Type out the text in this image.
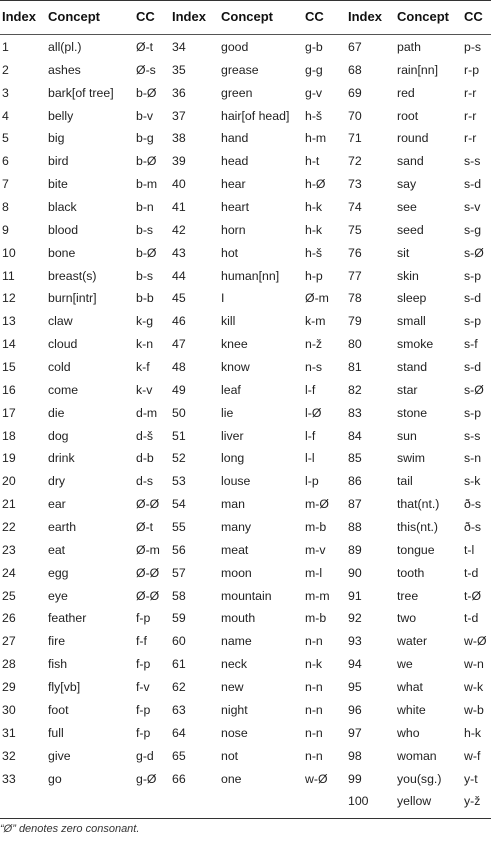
Index Concept	CC
1	all(pl.)	Ø-t
2	ashes	Ø-s
3	bark[of tree] b-Ø
4	belly	b-v
5	big	b-g
6	bird	b-Ø
7	bite	b-m
8	black	b-n
9	blood	b-s
10	bone	b-Ø
11	breast(s)	b-s
12	burn[intr]	b-b
13	claw	k-g
14	cloud	k-n
15	cold	k-f
16	come	k-v
17	die	d-m
18	dog	d-š
19	drink	d-b
20	dry	d-s
21	ear	Ø-Ø
22	earth	Ø-t
23	eat	Ø-m
24	egg	Ø-Ø
25	eye	Ø-Ø
26	feather	f-p
27	fire	f-f
28	fish	f-p
29	fly[vb]	f-v
30	foot	f-p
31	full	f-p
32	give	g-d
33	go	g-Ø
Index Concept CC
34	good	g-b
35	grease	g-g
36	green	g-v
37	hair[of head] h-š
38	hand	h-m
39	head	h-t
40	hear	h-Ø
41	heart	h-k
42	horn	h-k
43	hot	h-š
44	human[nn] h-p
45	I	Ø-m
46	kill	k-m
47	knee	n-ž
48	know	n-s
49	leaf	l-f
50	lie	l-Ø
51	liver	l-f
52	long	l-l
53	louse	l-p
54	man	m-Ø
55	many	m-b
56	meat	m-v
57	moon	m-l
58	mountain	m-m
59	mouth	m-b
60	name	n-n
61	neck	n-k
62	new	n-n
63	night	n-n
64	nose	n-n
65	not	n-n
66	one	w-Ø
Index Concept CC
67	path	p-s
68	rain[nn] r-p
69	red	r-r
70	root	r-r
71	round	r-r
72	sand	s-s
73	say	s-d
74	see	s-v
75	seed	s-g
76	sit	s-Ø
77	skin	s-p
78	sleep	s-d
79	small	s-p
80	smoke	s-f
81	stand	s-d
82	star	s-Ø
83	stone	s-p
84	sun	s-s
85	swim	s-n
86	tail	s-k
87	that(nt.) ð-s
88	this(nt.) ð-s
89	tongue t-l
90	tooth	t-d
91	tree	t-Ø
92	two	t-d
93	water	w-Ø
94	we	w-n
95	what	w-k
96	white	w-b
97	who	h-k
98	woman w-f
99	you(sg.) y-t
100 yellow	y-ž
“Ø” denotes zero consonant.
